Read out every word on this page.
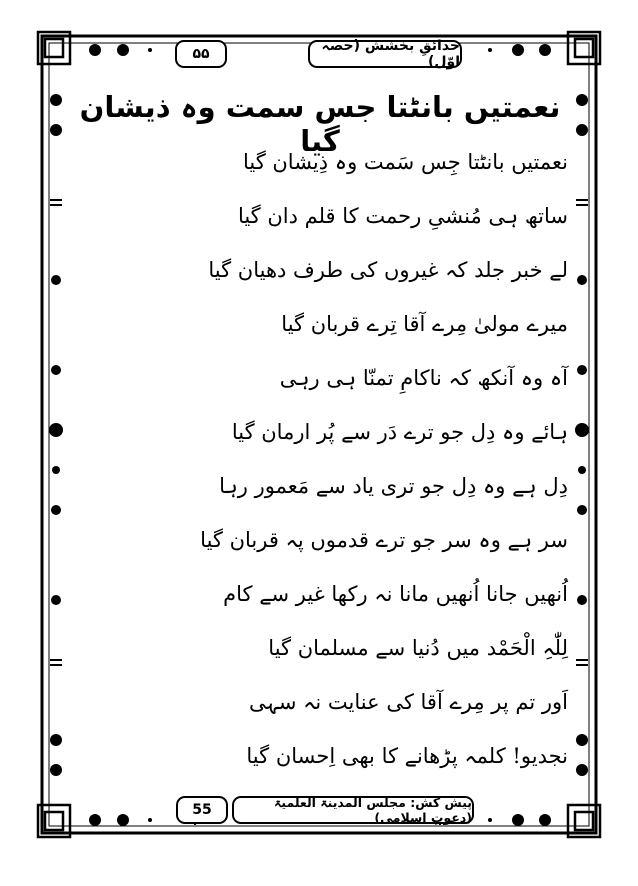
۵۵	حدائقِ بخشش (حصہ اوّل)
نعمتیں بانٹتا جس سمت وہ ذیشان گیا
نعمتیں بانٹتا جِس سَمت وہ ذِیشان گیا
ساتھ ہی مُنشیِ رحمت کا قلم دان گیا
لے خبر جلد کہ غیروں کی طرف دھیان گیا
میرے مولیٰ مِرے آقا تِرے قربان گیا
آہ وہ آنکھ کہ ناکامِ تمنّا ہی رہی
ہائے وہ دِل جو ترے دَر سے پُر ارمان گیا
دِل ہے وہ دِل جو تری یاد سے مَعمور رہا
سر ہے وہ سر جو ترے قدموں پہ قربان گیا
اُنھیں جانا اُنھیں مانا نہ رکھا غیر سے کام
لِلّٰہِ الْحَمْد میں دُنیا سے مسلمان گیا
اَور تم پر مِرے آقا کی عنایت نہ سہی
نجدیو! کلمہ پڑھانے کا بھی اِحسان گیا
55	پیش کش: مجلس المدینۃ العلمیۃ (دعوتِ اسلامی)
